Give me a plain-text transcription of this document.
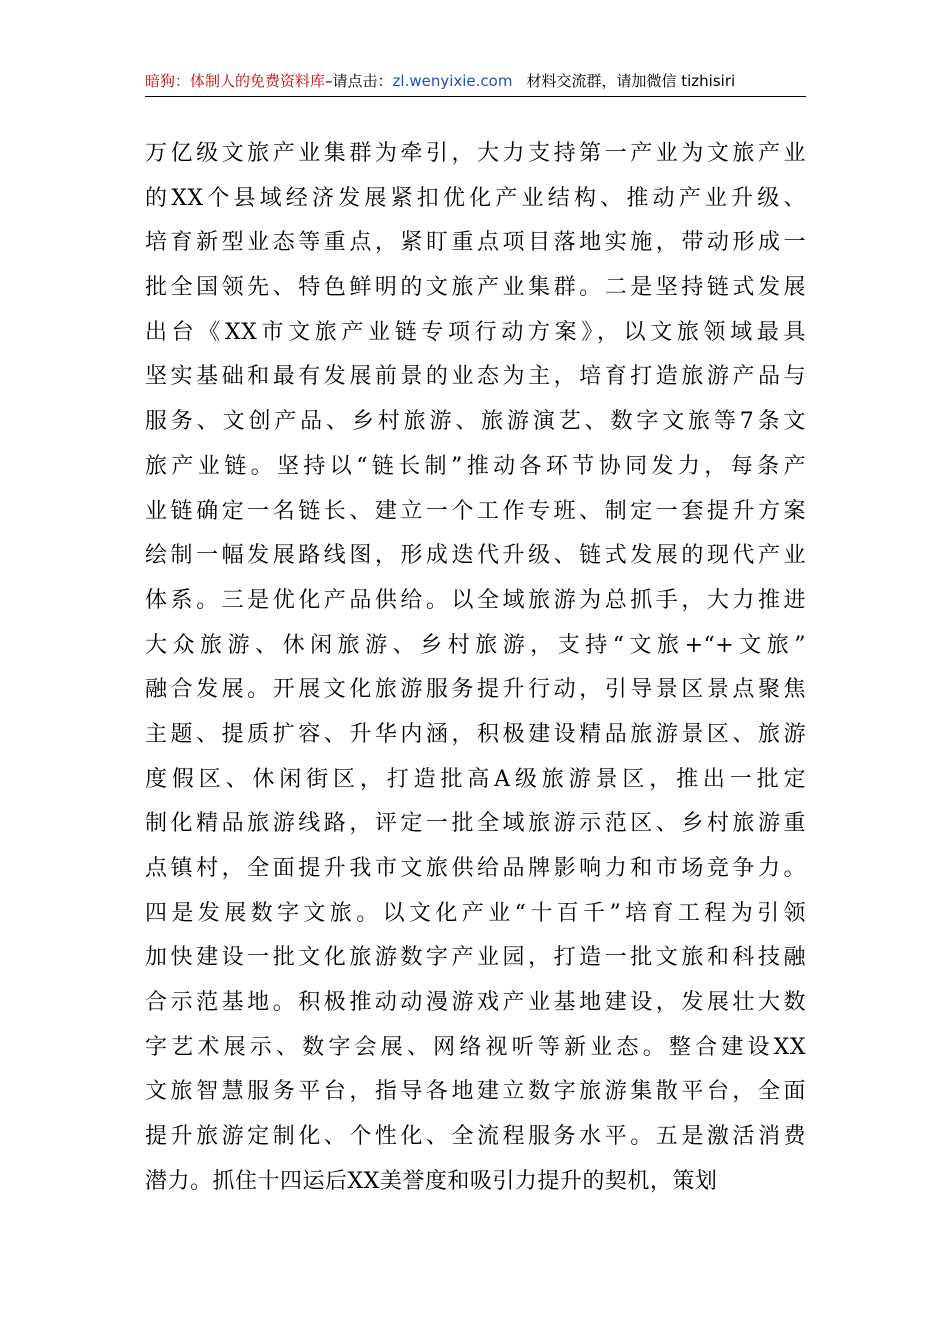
暗狗：体制人的免费资料库–请点击：zl.wenyixie.com 材料交流群，请加微信 tizhisiri
万亿级文旅产业集群为牵引，大力支持第一产业为文旅产业
的XX个县域经济发展紧扣优化产业结构、推动产业升级、
培育新型业态等重点，紧盯重点项目落地实施，带动形成一
批全国领先、特色鲜明的文旅产业集群。二是坚持链式发展
出台《XX市文旅产业链专项行动方案》，以文旅领域最具
坚实基础和最有发展前景的业态为主，培育打造旅游产品与
服务、文创产品、乡村旅游、旅游演艺、数字文旅等7条文
旅产业链。坚持以“链长制”推动各环节协同发力，每条产
业链确定一名链长、建立一个工作专班、制定一套提升方案
绘制一幅发展路线图，形成迭代升级、链式发展的现代产业
体系。三是优化产品供给。以全域旅游为总抓手，大力推进
大众旅游、休闲旅游、乡村旅游，支持“文旅+“+文旅”
融合发展。开展文化旅游服务提升行动，引导景区景点聚焦
主题、提质扩容、升华内涵，积极建设精品旅游景区、旅游
度假区、休闲街区，打造批高A级旅游景区，推出一批定
制化精品旅游线路，评定一批全域旅游示范区、乡村旅游重
点镇村，全面提升我市文旅供给品牌影响力和市场竞争力。
四是发展数字文旅。以文化产业“十百千”培育工程为引领
加快建设一批文化旅游数字产业园，打造一批文旅和科技融
合示范基地。积极推动动漫游戏产业基地建设，发展壮大数
字艺术展示、数字会展、网络视听等新业态。整合建设XX
文旅智慧服务平台，指导各地建立数字旅游集散平台，全面
提升旅游定制化、个性化、全流程服务水平。五是激活消费
潜力。抓住十四运后XX美誉度和吸引力提升的契机，策划
